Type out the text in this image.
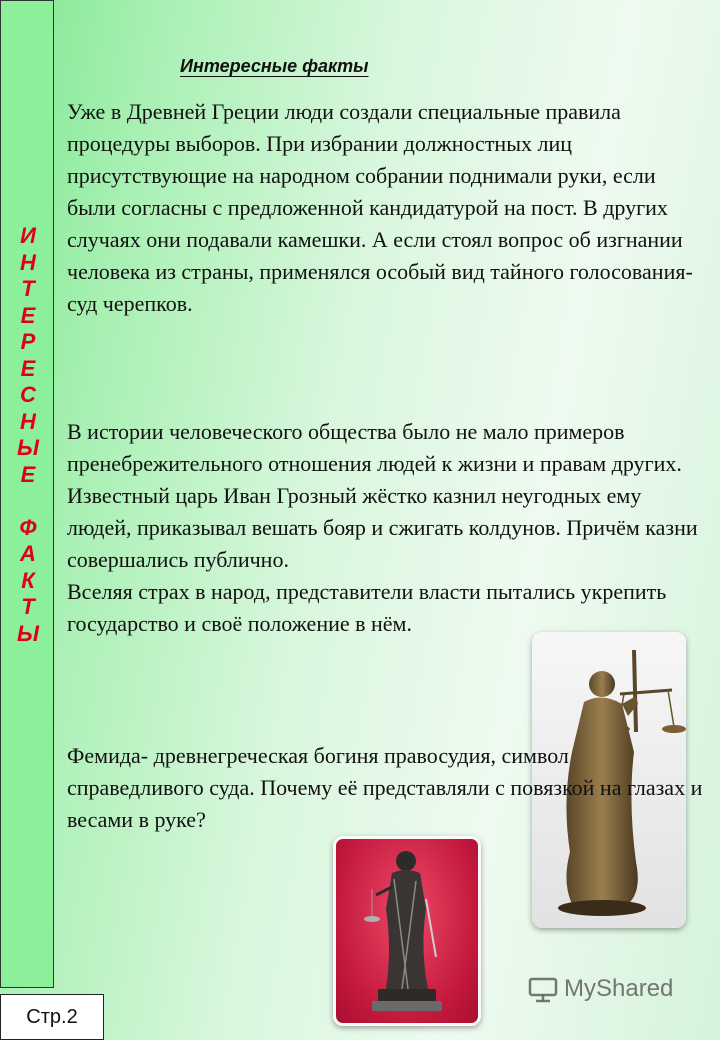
И
Н
Т
Е
Р
Е
С
Н
Ы
Е
Ф
А
К
Т
Ы
Стр.2
Интересные факты

Уже в Древней Греции люди создали специальные правила процедуры выборов. При избрании должностных лиц присутствующие на народном собрании поднимали руки, если были согласны с предложенной кандидатурой на пост. В других случаях они подавали камешки. А если стоял вопрос об изгнании человека из страны, применялся особый вид тайного голосования- суд черепков.

В истории человеческого общества было не мало примеров пренебрежительного отношения людей к жизни и правам других. Известный царь Иван Грозный жёстко казнил неугодных ему людей, приказывал вешать бояр и сжигать колдунов. Причём казни совершались публично.
Вселяя страх в народ, представители власти пытались укрепить государство и своё положение в нём.

Фемида- древнегреческая богиня правосудия, символ справедливого суда. Почему её представляли с повязкой на глазах и весами в руке?

MyShared
